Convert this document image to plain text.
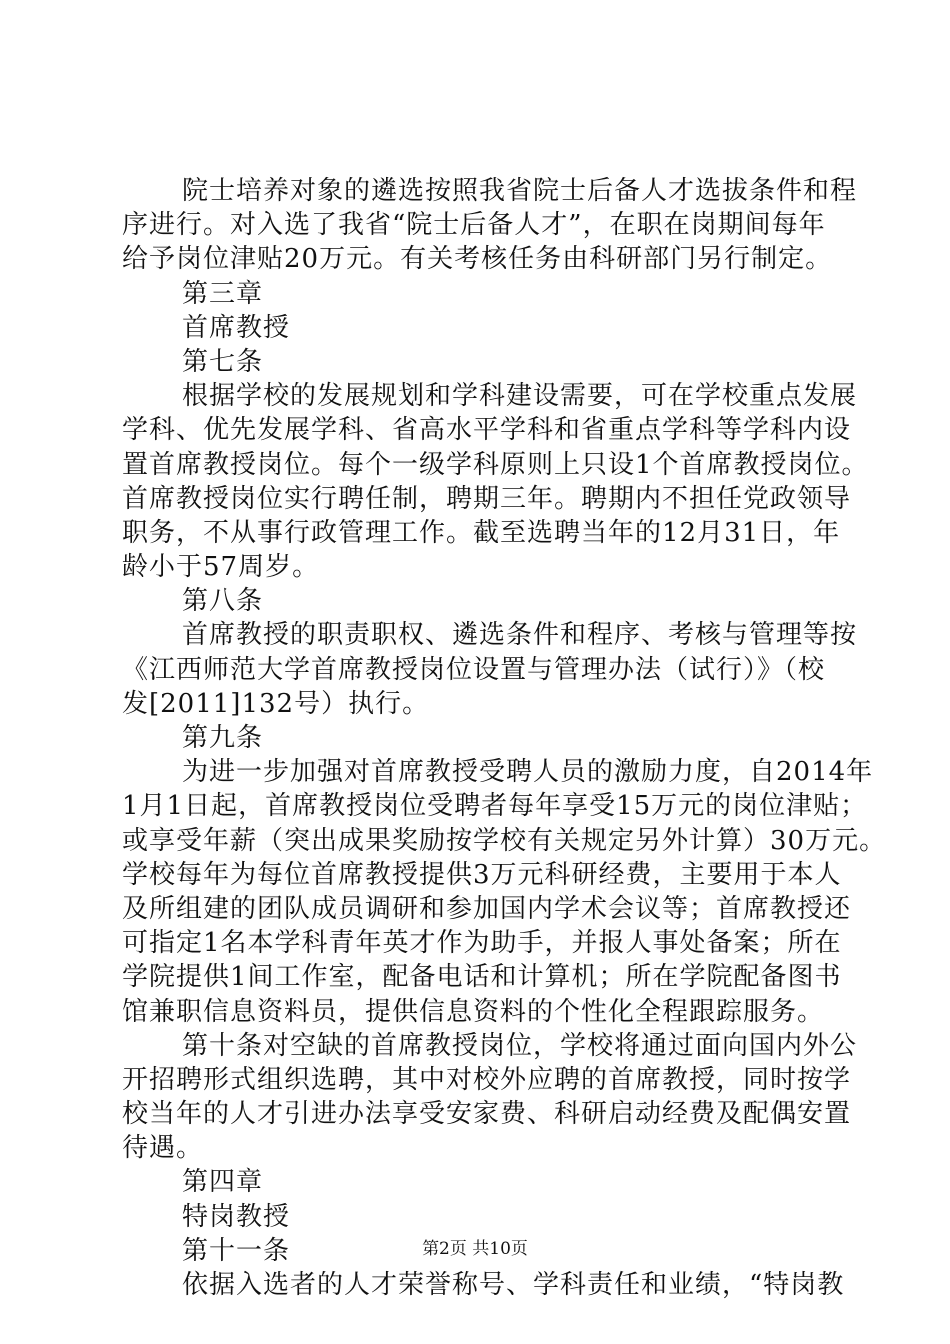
院士培养对象的遴选按照我省院士后备人才选拔条件和程
序进行。对入选了我省“院士后备人才”，在职在岗期间每年
给予岗位津贴20万元。有关考核任务由科研部门另行制定。
第三章
首席教授
第七条
根据学校的发展规划和学科建设需要，可在学校重点发展
学科、优先发展学科、省高水平学科和省重点学科等学科内设
置首席教授岗位。每个一级学科原则上只设1个首席教授岗位。
首席教授岗位实行聘任制，聘期三年。聘期内不担任党政领导
职务，不从事行政管理工作。截至选聘当年的12月31日，年
龄小于57周岁。
第八条
首席教授的职责职权、遴选条件和程序、考核与管理等按
《江西师范大学首席教授岗位设置与管理办法（试行）》（校
发[2011]132号）执行。
第九条
为进一步加强对首席教授受聘人员的激励力度，自2014年
1月1日起，首席教授岗位受聘者每年享受15万元的岗位津贴；
或享受年薪（突出成果奖励按学校有关规定另外计算）30万元。
学校每年为每位首席教授提供3万元科研经费，主要用于本人
及所组建的团队成员调研和参加国内学术会议等；首席教授还
可指定1名本学科青年英才作为助手，并报人事处备案；所在
学院提供1间工作室，配备电话和计算机；所在学院配备图书
馆兼职信息资料员，提供信息资料的个性化全程跟踪服务。
第十条对空缺的首席教授岗位，学校将通过面向国内外公
开招聘形式组织选聘，其中对校外应聘的首席教授，同时按学
校当年的人才引进办法享受安家费、科研启动经费及配偶安置
待遇。
第四章
特岗教授
第十一条
依据入选者的人才荣誉称号、学科责任和业绩，“特岗教
第2页 共10页
